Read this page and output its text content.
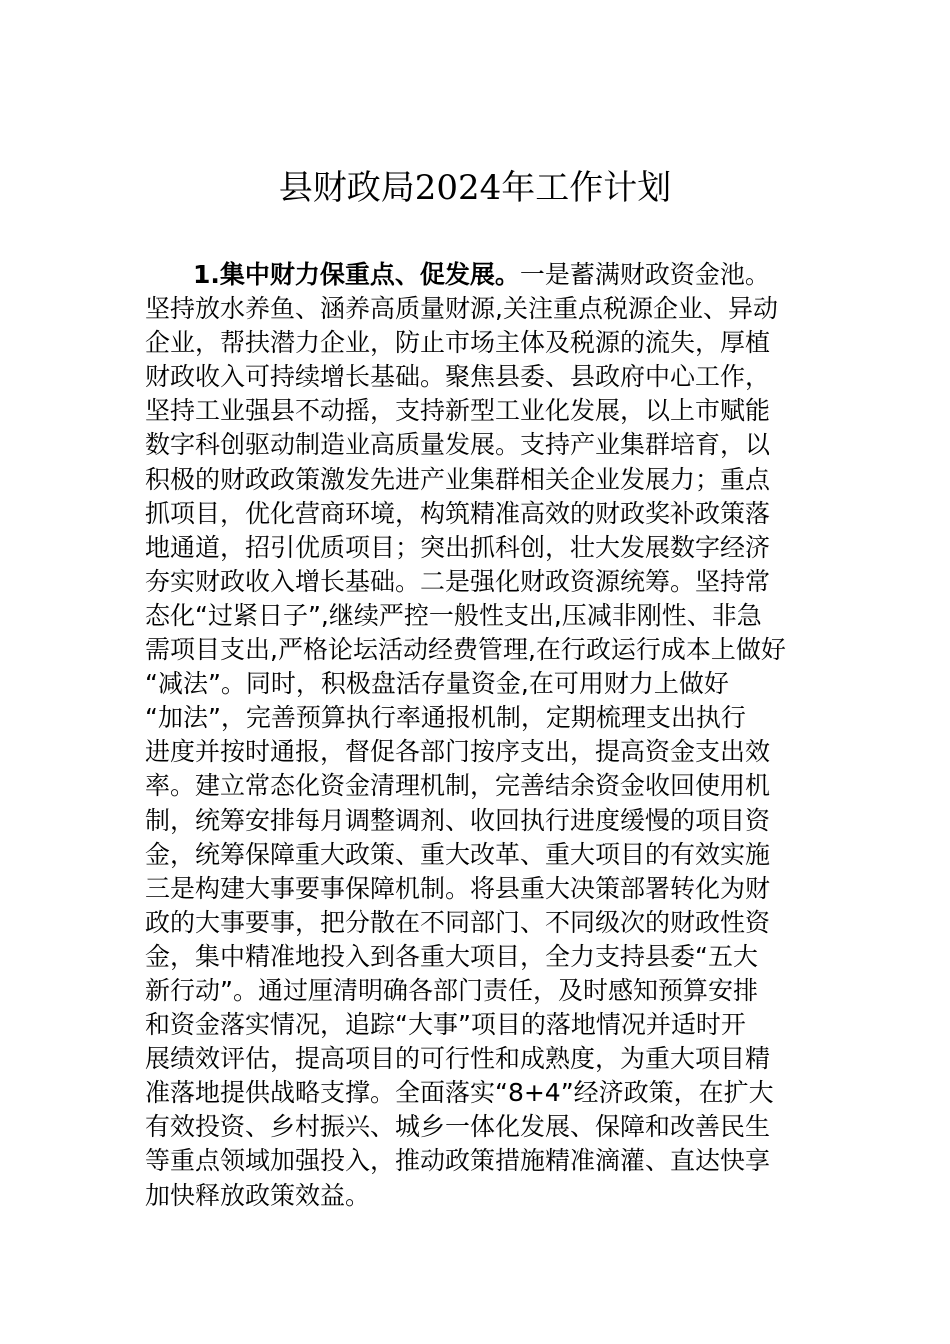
县财政局2024年工作计划
1.集中财力保重点、促发展。一是蓄满财政资金池。
坚持放水养鱼、涵养高质量财源,关注重点税源企业、异动
企业，帮扶潜力企业，防止市场主体及税源的流失，厚植
财政收入可持续增长基础。聚焦县委、县政府中心工作，
坚持工业强县不动摇，支持新型工业化发展，以上市赋能
数字科创驱动制造业高质量发展。支持产业集群培育，以
积极的财政政策激发先进产业集群相关企业发展力；重点
抓项目，优化营商环境，构筑精准高效的财政奖补政策落
地通道，招引优质项目；突出抓科创，壮大发展数字经济
夯实财政收入增长基础。二是强化财政资源统筹。坚持常
态化“过紧日子”,继续严控一般性支出,压减非刚性、非急
需项目支出,严格论坛活动经费管理,在行政运行成本上做好
“减法”。同时，积极盘活存量资金,在可用财力上做好
“加法”，完善预算执行率通报机制，定期梳理支出执行
进度并按时通报，督促各部门按序支出，提高资金支出效
率。建立常态化资金清理机制，完善结余资金收回使用机
制，统筹安排每月调整调剂、收回执行进度缓慢的项目资
金，统筹保障重大政策、重大改革、重大项目的有效实施
三是构建大事要事保障机制。将县重大决策部署转化为财
政的大事要事，把分散在不同部门、不同级次的财政性资
金，集中精准地投入到各重大项目，全力支持县委“五大
新行动”。通过厘清明确各部门责任，及时感知预算安排
和资金落实情况，追踪“大事”项目的落地情况并适时开
展绩效评估，提高项目的可行性和成熟度，为重大项目精
准落地提供战略支撑。全面落实“8+4”经济政策，在扩大
有效投资、乡村振兴、城乡一体化发展、保障和改善民生
等重点领域加强投入，推动政策措施精准滴灌、直达快享
加快释放政策效益。
